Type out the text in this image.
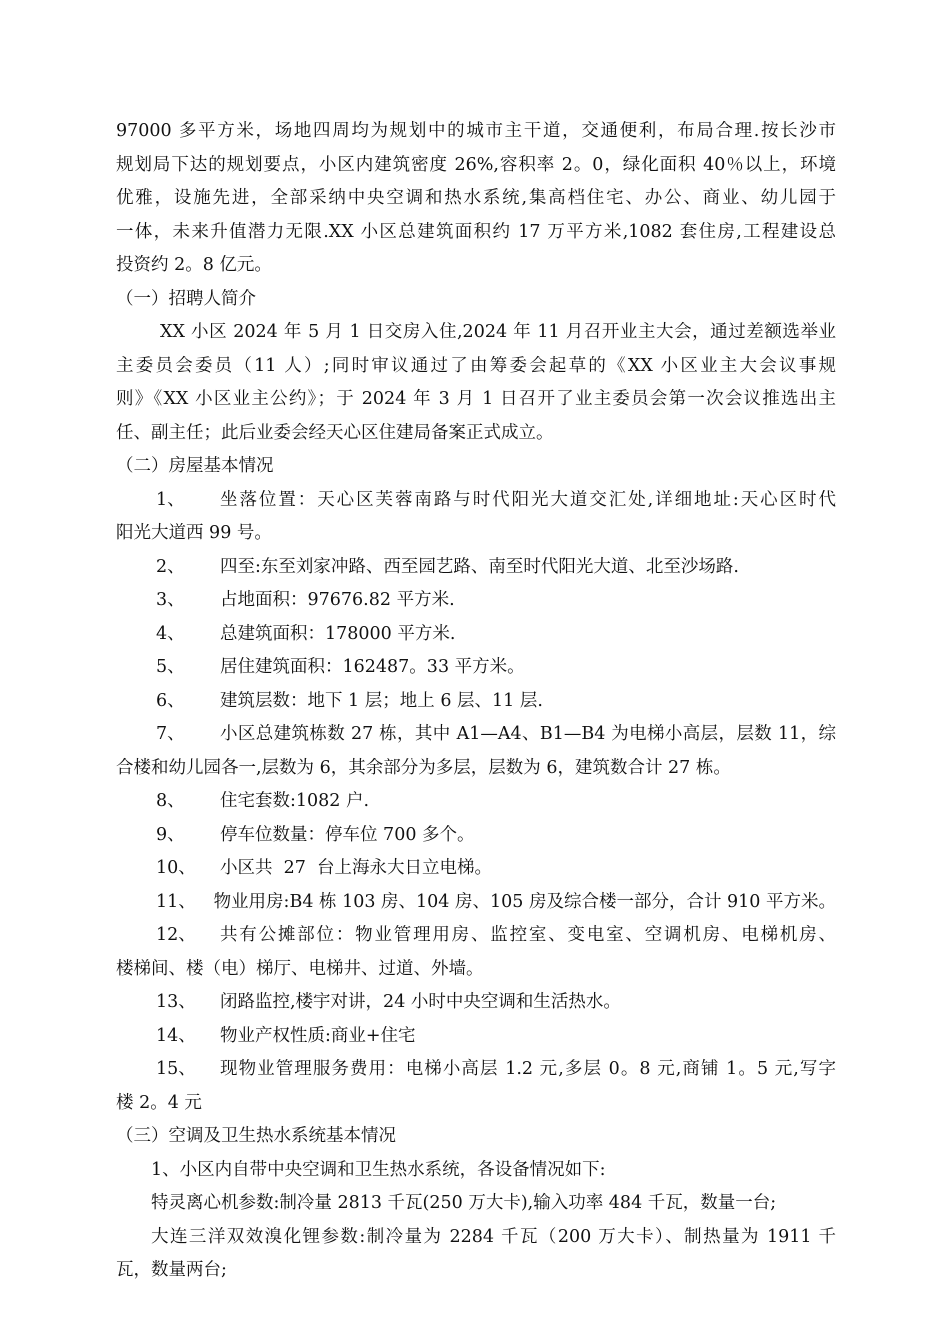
97000 多平方米，场地四周均为规划中的城市主干道，交通便利，布局合理.按长沙市
规划局下达的规划要点，小区内建筑密度 26%,容积率 2。0，绿化面积 40％以上，环境
优雅，设施先进，全部采纳中央空调和热水系统,集高档住宅、办公、商业、幼儿园于
一体，未来升值潜力无限.XX 小区总建筑面积约 17 万平方米,1082 套住房,工程建设总
投资约 2。8 亿元。
（一）招聘人简介
XX 小区 2024 年 5 月 1 日交房入住,2024 年 11 月召开业主大会，通过差额选举业
主委员会委员（11 人）;同时审议通过了由筹委会起草的《XX 小区业主大会议事规
则》《XX 小区业主公约》；于 2024 年 3 月 1 日召开了业主委员会第一次会议推选出主
任、副主任；此后业委会经天心区住建局备案正式成立。
（二）房屋基本情况
1、	坐落位置：天心区芙蓉南路与时代阳光大道交汇处,详细地址:天心区时代
阳光大道西 99 号。
2、	四至:东至刘家冲路、西至园艺路、南至时代阳光大道、北至沙场路.
3、	占地面积：97676.82 平方米.
4、	总建筑面积：178000 平方米.
5、	居住建筑面积：162487。33 平方米。
6、	建筑层数：地下 1 层；地上 6 层、11 层.
7、	小区总建筑栋数 27 栋，其中 A1—A4、B1—B4 为电梯小高层，层数 11，综
合楼和幼儿园各一,层数为 6，其余部分为多层，层数为 6，建筑数合计 27 栋。
8、	住宅套数:1082 户.
9、	停车位数量：停车位 700 多个。
10、	小区共  27  台上海永大日立电梯。
11、	物业用房:B4 栋 103 房、104 房、105 房及综合楼一部分，合计 910 平方米。
12、	共有公摊部位：物业管理用房、监控室、变电室、空调机房、电梯机房、
楼梯间、楼（电）梯厅、电梯井、过道、外墙。
13、	闭路监控,楼宇对讲，24 小时中央空调和生活热水。
14、	物业产权性质:商业+住宅
15、	现物业管理服务费用：电梯小高层 1.2 元,多层 0。8 元,商铺 1。5 元,写字
楼 2。4 元
（三）空调及卫生热水系统基本情况
1、小区内自带中央空调和卫生热水系统，各设备情况如下:
特灵离心机参数:制冷量 2813 千瓦(250 万大卡),输入功率 484 千瓦，数量一台;
大连三洋双效溴化锂参数:制冷量为 2284 千瓦（200 万大卡）、制热量为 1911 千
瓦，数量两台;
